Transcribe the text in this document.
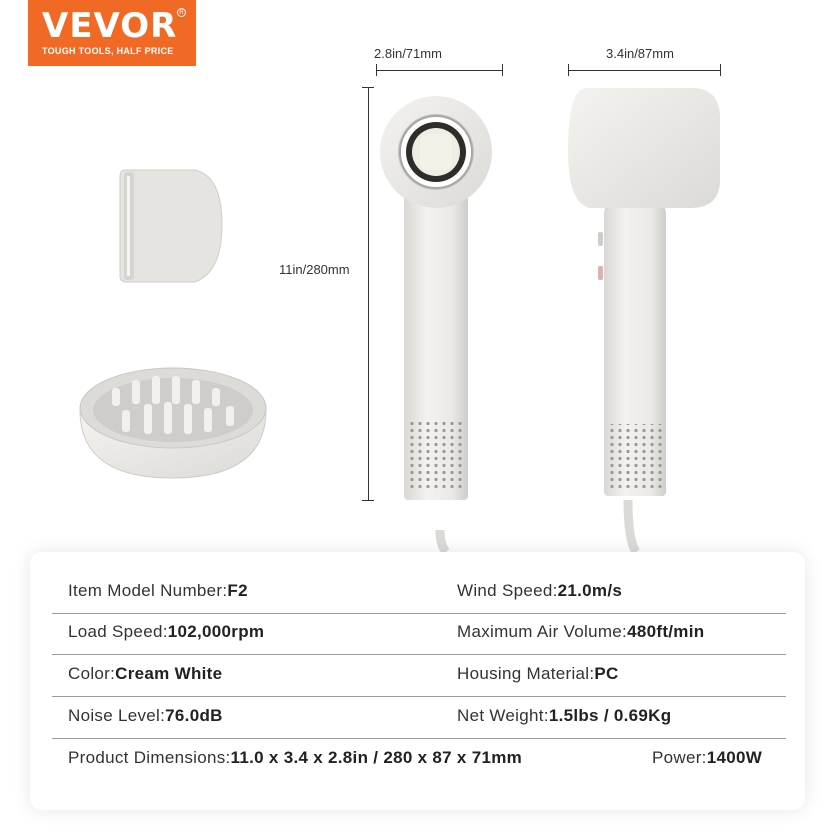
VEVOR R
TOUGH TOOLS, HALF PRICE	2.8in/71mm	3.4in/87mm
11in/280mm
Item Model Number: F2	Wind Speed: 21.0m/s
Load Speed: 102,000rpm	Maximum Air Volume: 480ft/min
Color: Cream White	Housing Material: PC
Noise Level: 76.0dB	Net Weight: 1.5lbs / 0.69Kg
Product Dimensions: 11.0 x 3.4 x 2.8in / 280 x 87 x 71mm	Power: 1400W
